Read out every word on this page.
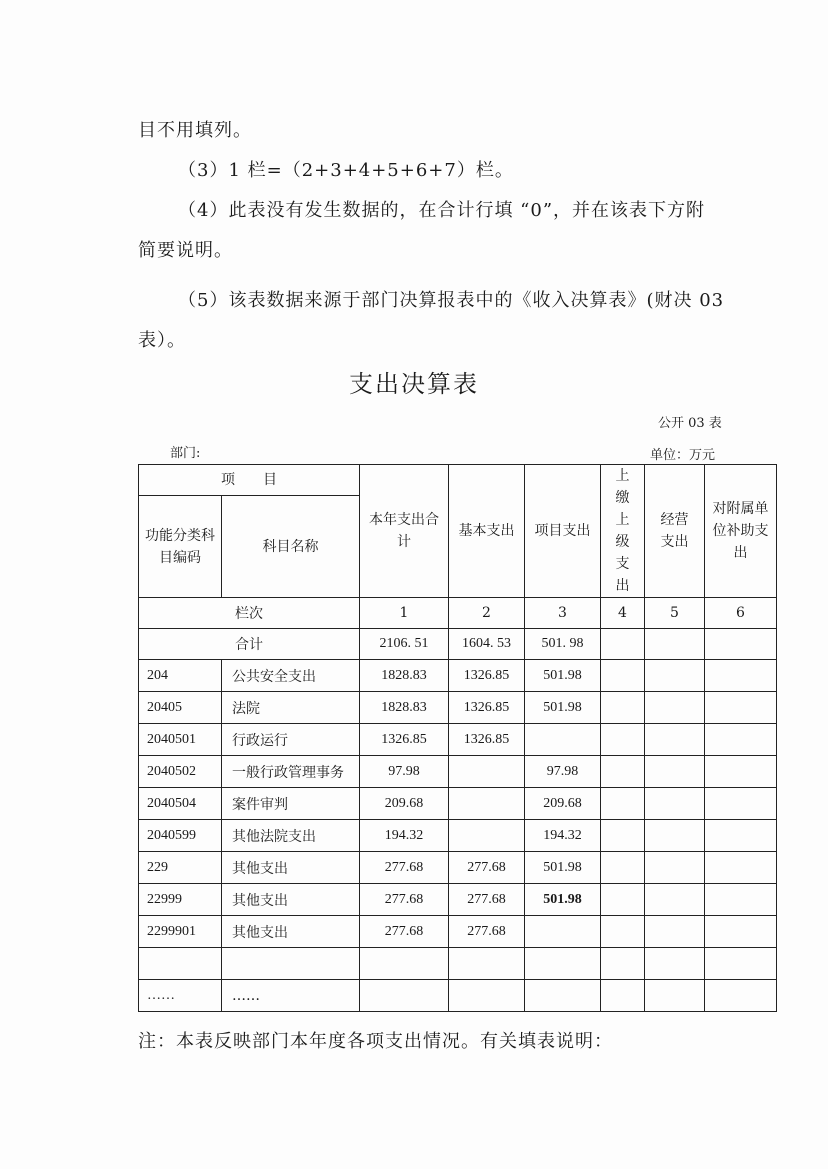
目不用填列。
（3）1 栏=（2+3+4+5+6+7）栏。
（4）此表没有发生数据的，在合计行填 “0”，并在该表下方附
简要说明。
（5）该表数据来源于部门决算报表中的《收入决算表》(财决 03
表）。
支出决算表
公开 03 表
部门:	单位：万元
项　　目		本年支出合计	基本支出	项目支出	上缴上级支出	经营支出	对附属单位补助支出

功能分类科目编码	科目名称						
栏次		1	2	3	4	5	6
合计		2106. 51	1604. 53	501. 98			
204	公共安全支出	1828.83	1326.85	501.98			
20405	法院	1828.83	1326.85	501.98			
2040501	行政运行	1326.85	1326.85				
2040502	一般行政管理事务	97.98		97.98			
2040504	案件审判	209.68		209.68			
2040599	其他法院支出	194.32		194.32			
229	其他支出	277.68	277.68	501.98			
22999	其他支出	277.68	277.68	501.98			
2299901	其他支出	277.68	277.68				

……	……						
注：本表反映部门本年度各项支出情况。有关填表说明：
